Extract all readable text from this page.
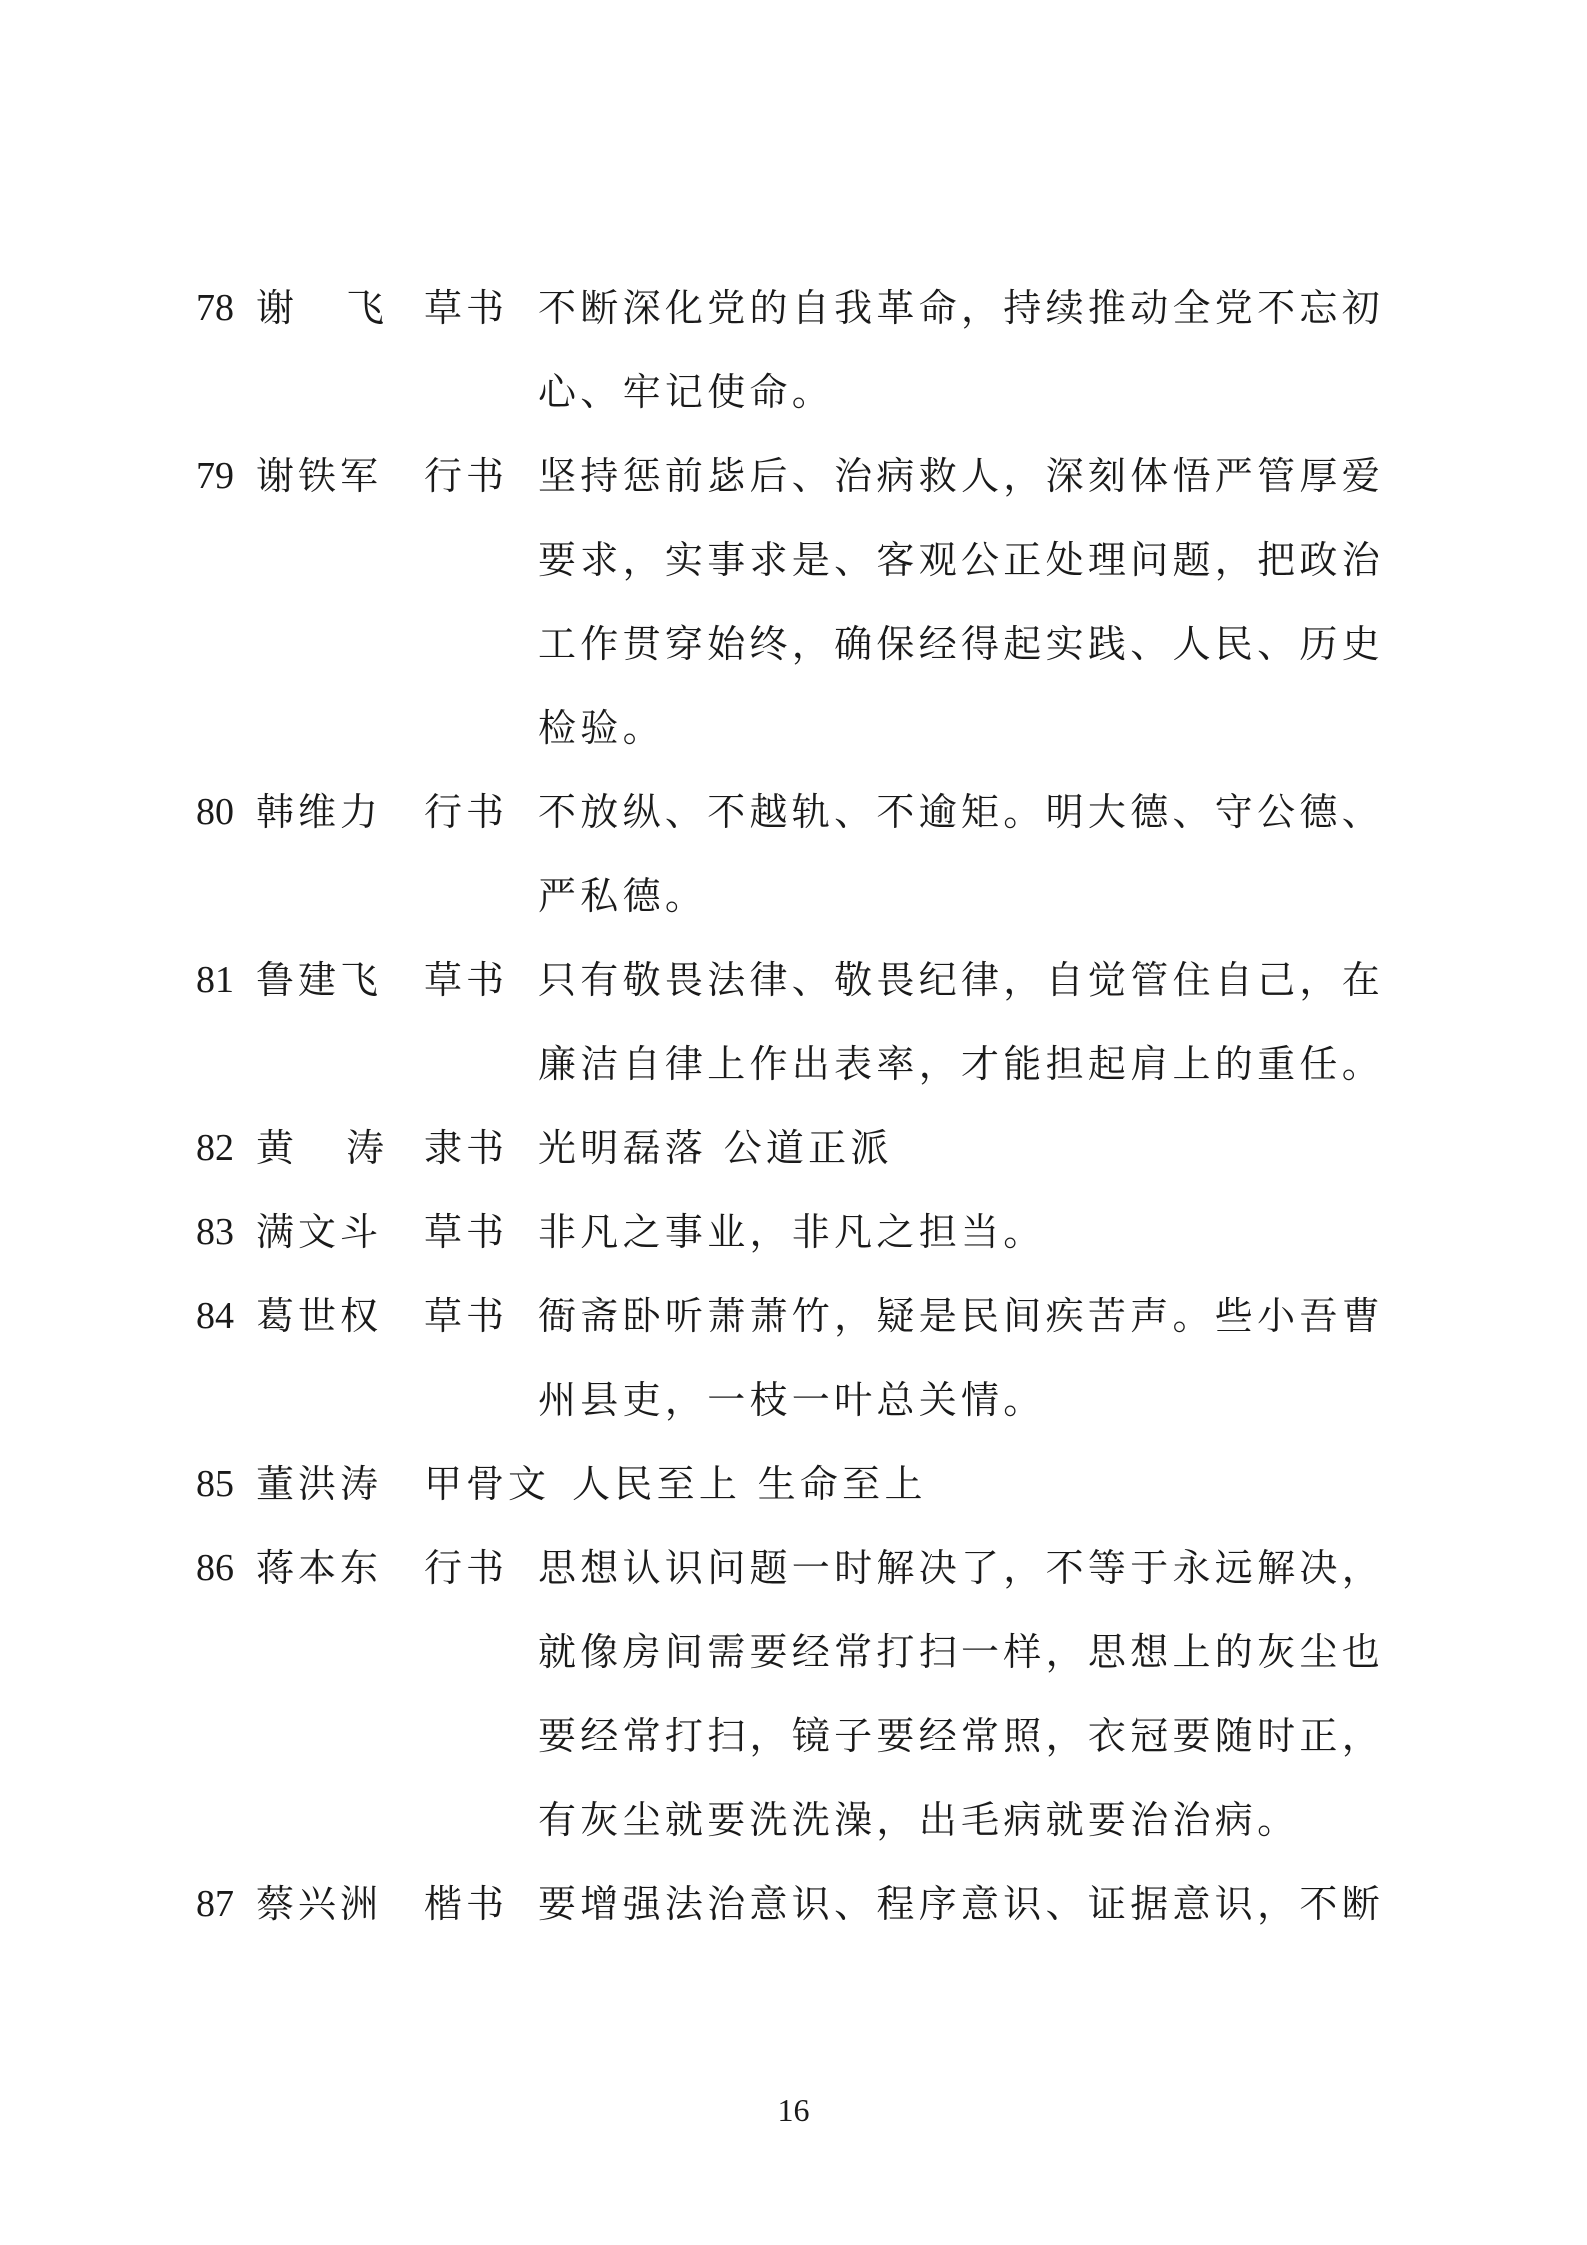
78 谢 飞 草书 不断深化党的自我革命，持续推动全党不忘初
心、牢记使命。
79 谢铁军 行书 坚持惩前毖后、治病救人，深刻体悟严管厚爱
要求，实事求是、客观公正处理问题，把政治
工作贯穿始终，确保经得起实践、人民、历史
检验。
80 韩维力 行书 不放纵、不越轨、不逾矩。明大德、守公德、
严私德。
81 鲁建飞 草书 只有敬畏法律、敬畏纪律，自觉管住自己，在
廉洁自律上作出表率，才能担起肩上的重任。
82 黄 涛 隶书 光明磊落 公道正派
83 满文斗 草书 非凡之事业，非凡之担当。
84 葛世权 草书 衙斋卧听萧萧竹，疑是民间疾苦声。些小吾曹
州县吏，一枝一叶总关情。
85 董洪涛 甲骨文 人民至上 生命至上
86 蒋本东 行书 思想认识问题一时解决了，不等于永远解决，
就像房间需要经常打扫一样，思想上的灰尘也
要经常打扫，镜子要经常照，衣冠要随时正，
有灰尘就要洗洗澡，出毛病就要治治病。
87 蔡兴洲 楷书 要增强法治意识、程序意识、证据意识，不断
16
